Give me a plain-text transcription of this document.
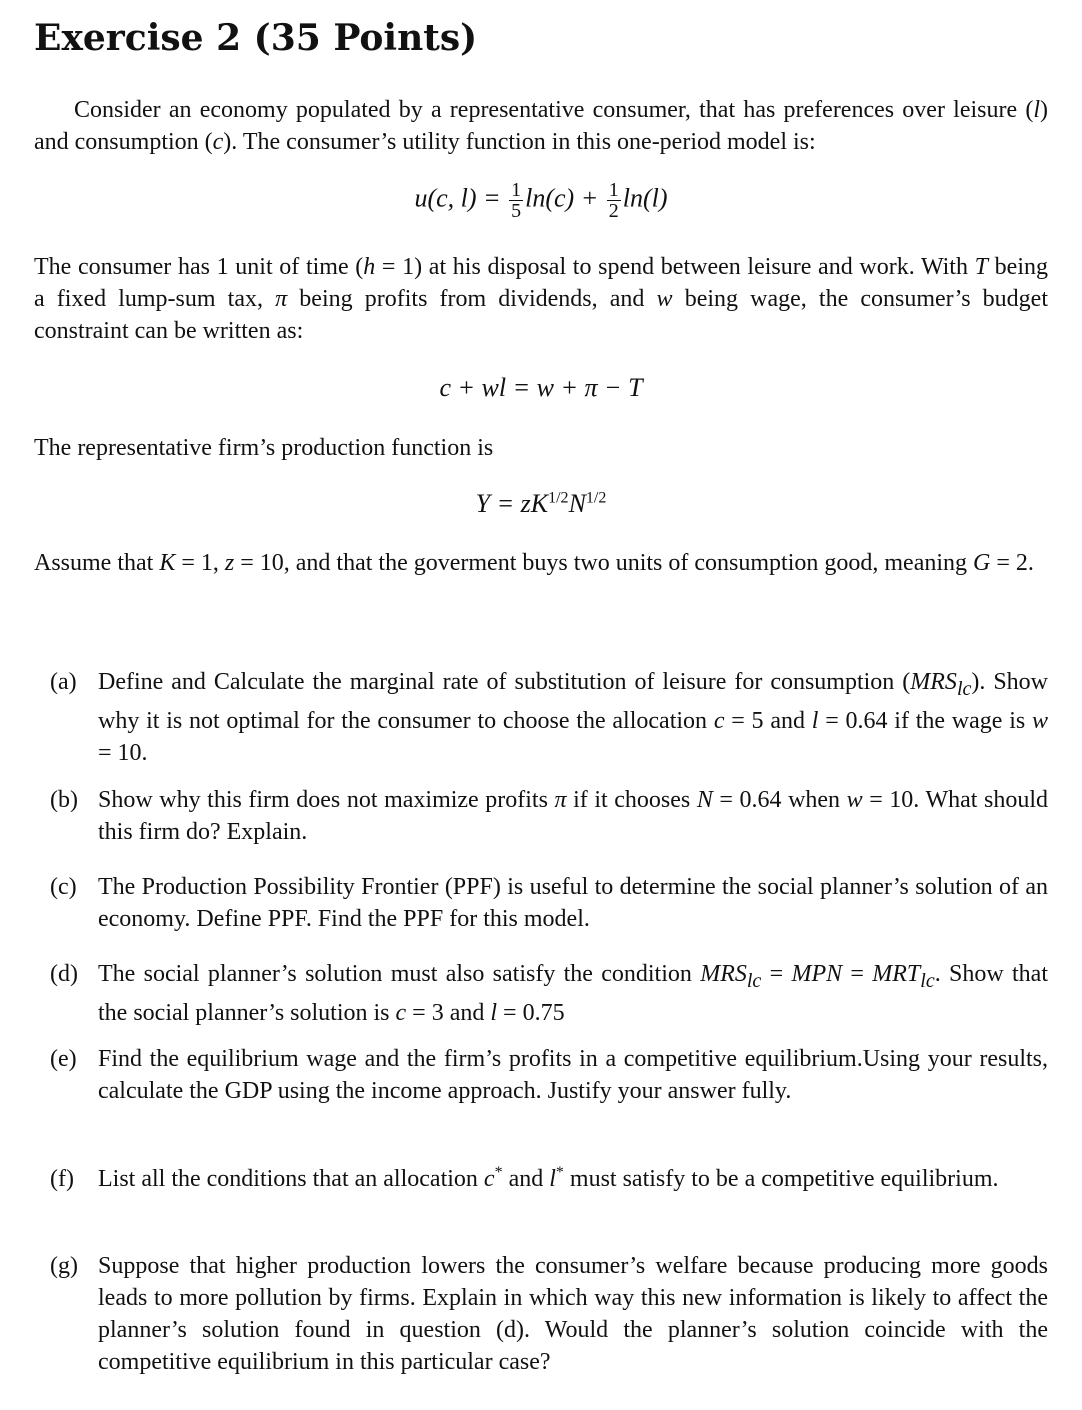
Exercise 2 (35 Points)

Consider an economy populated by a representative consumer, that has preferences over leisure (l) and consumption (c). The consumer’s utility function in this one-period model is:

u(c, $l) = \frac{1}{5} \ln(c) + \frac{1}{2} \ln(l)$

The consumer has 1 unit of time (h = 1) at his disposal to spend between leisure and work. With T being a fixed lump-sum tax, π being profits from dividends, and w being wage, the consumer’s budget constraint can be written as:

c + wl = w + π − T

The representative firm’s production function is

$Y = zK^{1/2}N^{1/2}$

Assume that K = 1, z = 10, and that the goverment buys two units of consumption good, meaning G = 2.

(a) Define and Calculate the marginal rate of substitution of leisure for consumption $(MRS_{lc})$. Show why it is not optimal for the consumer to choose the allocation c = 5 and l = 0.64 if the wage is w = 10.
(b) Show why this firm does not maximize profits π if it chooses N = 0.64 when w = 10. What should this firm do? Explain.
(c) The Production Possibility Frontier (PPF) is useful to determine the social planner’s solution of an economy. Define PPF. Find the PPF for this model.
(d) The social planner’s solution must also satisfy the condition $MRS_{lc}$ = MPN = $MRT_{lc}$. Show that the social planner’s solution is c = 3 and l = 0.75
(e) Find the equilibrium wage and the firm’s profits in a competitive equilibrium.Using your results, calculate the GDP using the income approach. Justify your answer fully.
(f) List all the conditions that an allocation c* and l* must satisfy to be a competitive equilibrium.
(g) Suppose that higher production lowers the consumer’s welfare because producing more goods leads to more pollution by firms. Explain in which way this new information is likely to affect the planner’s solution found in question (d). Would the planner’s solution coincide with the competitive equilibrium in this particular case?
